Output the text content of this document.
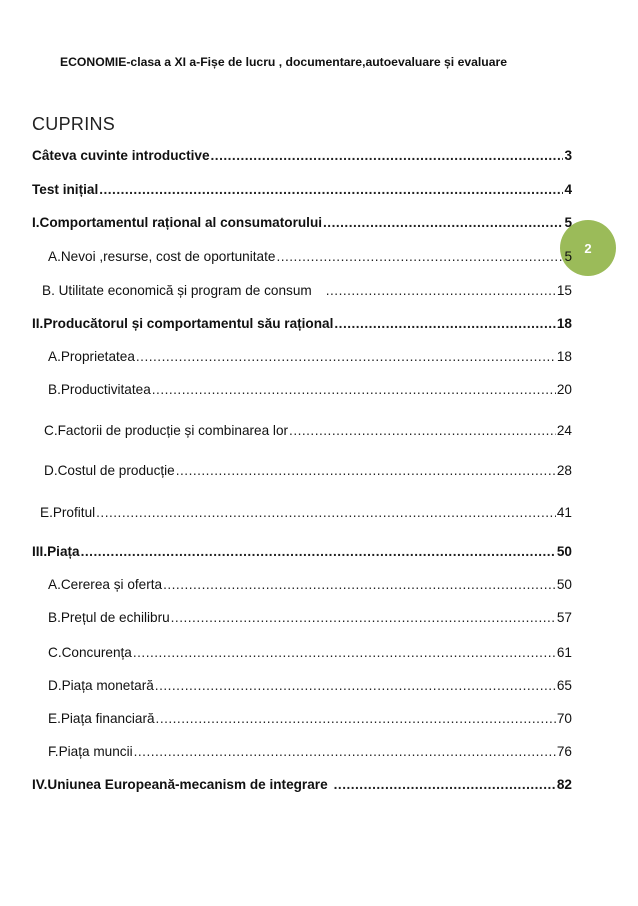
ECONOMIE-clasa a XI a-Fișe de lucru , documentare,autoevaluare și evaluare
CUPRINS
2
Câteva cuvinte introductive .....	3
Test inițial .....	4
I.Comportamentul rațional al consumatorului .....	5
A.Nevoi ,resurse, cost de oportunitate .....	5
B. Utilitate economică și program de consum .....	15
II.Producătorul și comportamentul său rațional .....	18
A.Proprietatea .....	18
B.Productivitatea .....	20
C.Factorii de producție și combinarea lor .....	24
D.Costul de producție .....	28
E.Profitul .....	41
III.Piața .....	50
A.Cererea și oferta .....	50
B.Prețul de echilibru .....	57
C.Concurența .....	61
D.Piața monetară .....	65
E.Piața financiară .....	70
F.Piața muncii .....	76
IV.Uniunea Europeană-mecanism de integrare .....	82
